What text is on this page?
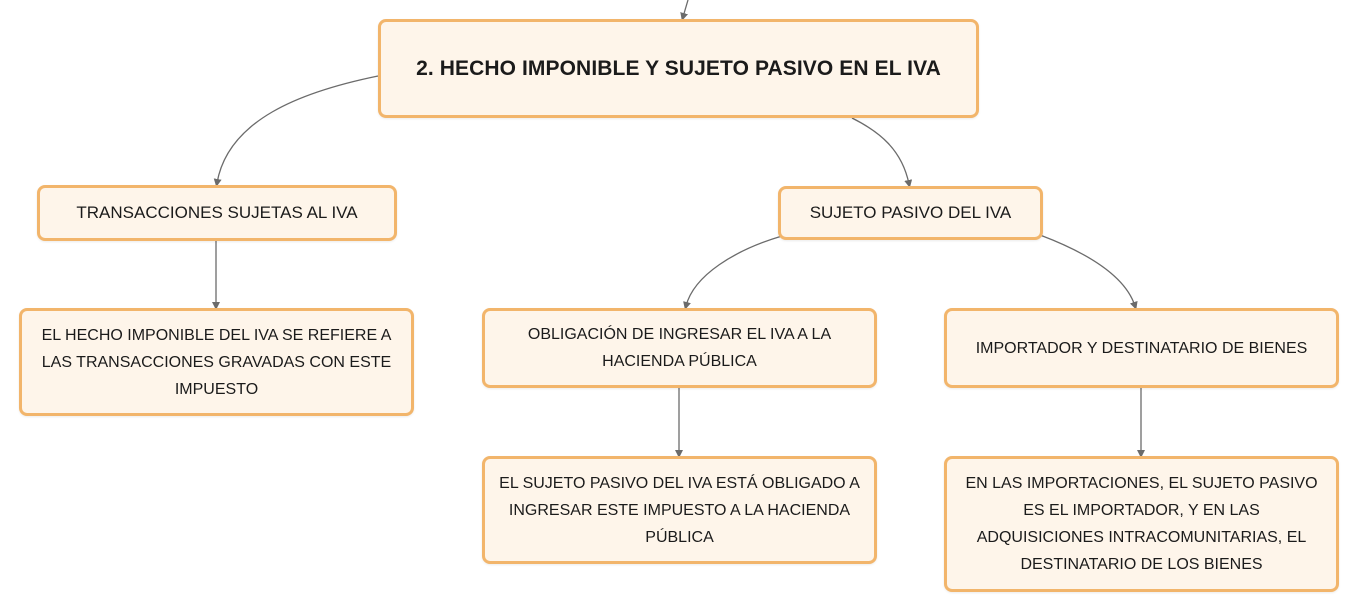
2. HECHO IMPONIBLE Y SUJETO PASIVO EN EL IVA
TRANSACCIONES SUJETAS AL IVA	SUJETO PASIVO DEL IVA
EL HECHO IMPONIBLE DEL IVA SE REFIERE A LAS TRANSACCIONES GRAVADAS CON ESTE IMPUESTO
OBLIGACIÓN DE INGRESAR EL IVA A LA HACIENDA PÚBLICA
IMPORTADOR Y DESTINATARIO DE BIENES
EL SUJETO PASIVO DEL IVA ESTÁ OBLIGADO A INGRESAR ESTE IMPUESTO A LA HACIENDA PÚBLICA
EN LAS IMPORTACIONES, EL SUJETO PASIVO ES EL IMPORTADOR, Y EN LAS ADQUISICIONES INTRACOMUNITARIAS, EL DESTINATARIO DE LOS BIENES
